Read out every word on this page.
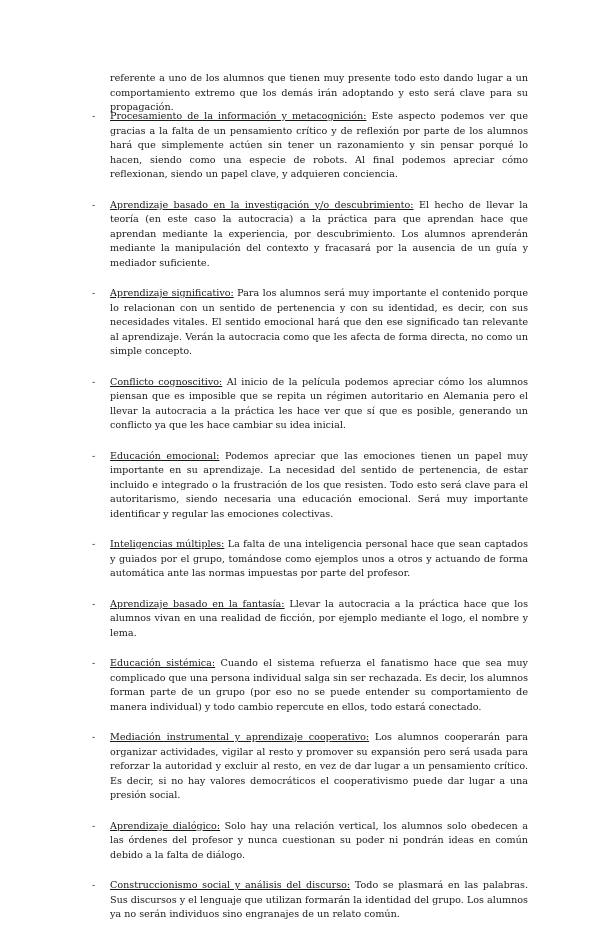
referente a uno de los alumnos que tienen muy presente todo esto dando lugar a un comportamiento extremo que los demás irán adoptando y esto será clave para su propagación.

- Procesamiento de la información y metacognición: Este aspecto podemos ver que gracias a la falta de un pensamiento crítico y de reflexión por parte de los alumnos hará que simplemente actúen sin tener un razonamiento y sin pensar porqué lo hacen, siendo como una especie de robots. Al final podemos apreciar cómo reflexionan, siendo un papel clave, y adquieren conciencia.
- Aprendizaje basado en la investigación y/o descubrimiento: El hecho de llevar la teoría (en este caso la autocracia) a la práctica para que aprendan hace que aprendan mediante la experiencia, por descubrimiento. Los alumnos aprenderán mediante la manipulación del contexto y fracasará por la ausencia de un guía y mediador suficiente.
- Aprendizaje significativo: Para los alumnos será muy importante el contenido porque lo relacionan con un sentido de pertenencia y con su identidad, es decir, con sus necesidades vitales. El sentido emocional hará que den ese significado tan relevante al aprendizaje. Verán la autocracia como que les afecta de forma directa, no como un simple concepto.
- Conflicto cognoscitivo: Al inicio de la película podemos apreciar cómo los alumnos piensan que es imposible que se repita un régimen autoritario en Alemania pero el llevar la autocracia a la práctica les hace ver que sí que es posible, generando un conflicto ya que les hace cambiar su idea inicial.
- Educación emocional: Podemos apreciar que las emociones tienen un papel muy importante en su aprendizaje. La necesidad del sentido de pertenencia, de estar incluido e integrado o la frustración de los que resisten. Todo esto será clave para el autoritarismo, siendo necesaria una educación emocional. Será muy importante identificar y regular las emociones colectivas.
- Inteligencias múltiples: La falta de una inteligencia personal hace que sean captados y guiados por el grupo, tomándose como ejemplos unos a otros y actuando de forma automática ante las normas impuestas por parte del profesor.
- Aprendizaje basado en la fantasía: Llevar la autocracia a la práctica hace que los alumnos vivan en una realidad de ficción, por ejemplo mediante el logo, el nombre y lema.
- Educación sistémica: Cuando el sistema refuerza el fanatismo hace que sea muy complicado que una persona individual salga sin ser rechazada. Es decir, los alumnos forman parte de un grupo (por eso no se puede entender su comportamiento de manera individual) y todo cambio repercute en ellos, todo estará conectado.
- Mediación instrumental y aprendizaje cooperativo: Los alumnos cooperarán para organizar actividades, vigilar al resto y promover su expansión pero será usada para reforzar la autoridad y excluir al resto, en vez de dar lugar a un pensamiento crítico. Es decir, si no hay valores democráticos el cooperativismo puede dar lugar a una presión social.
- Aprendizaje dialógico: Solo hay una relación vertical, los alumnos solo obedecen a las órdenes del profesor y nunca cuestionan su poder ni pondrán ideas en común debido a la falta de diálogo.
- Construccionismo social y análisis del discurso: Todo se plasmará en las palabras. Sus discursos y el lenguaje que utilizan formarán la identidad del grupo. Los alumnos ya no serán individuos sino engranajes de un relato común.
